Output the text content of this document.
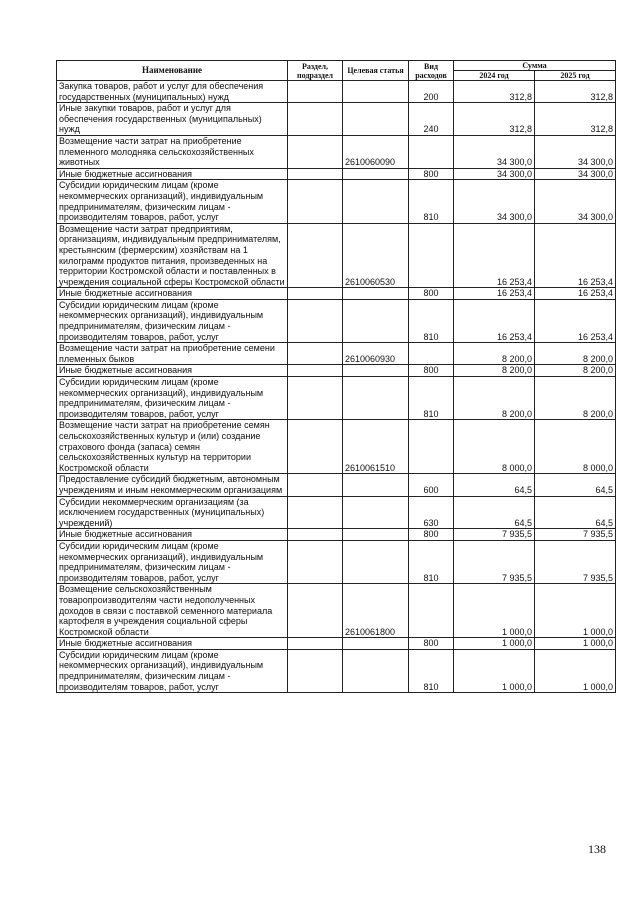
Наименование	Раздел, подраздел	Целевая статья	Вид расходов	Сумма	
				2024 год	2025 год
Закупка товаров, работ и услуг для обеспечения государственных (муниципальных) нужд			200	312,8	312,8
Иные закупки товаров, работ и услуг для обеспечения государственных (муниципальных) нужд			240	312,8	312,8
Возмещение части затрат на приобретение племенного молодняка сельскохозяйственных животных		2610060090		34 300,0	34 300,0
Иные бюджетные ассигнования			800	34 300,0	34 300,0
Субсидии юридическим лицам (кроме некоммерческих организаций), индивидуальным предпринимателям, физическим лицам - производителям товаров, работ, услуг			810	34 300,0	34 300,0
Возмещение части затрат предприятиям, организациям, индивидуальным предпринимателям, крестьянским (фермерским) хозяйствам на 1 килограмм продуктов питания, произведенных на территории Костромской области и поставленных в учреждения социальной сферы Костромской области		2610060530		16 253,4	16 253,4
Иные бюджетные ассигнования			800	16 253,4	16 253,4
Субсидии юридическим лицам (кроме некоммерческих организаций), индивидуальным предпринимателям, физическим лицам - производителям товаров, работ, услуг			810	16 253,4	16 253,4
Возмещение части затрат на приобретение семени племенных быков		2610060930		8 200,0	8 200,0
Иные бюджетные ассигнования			800	8 200,0	8 200,0
Субсидии юридическим лицам (кроме некоммерческих организаций), индивидуальным предпринимателям, физическим лицам - производителям товаров, работ, услуг			810	8 200,0	8 200,0
Возмещение части затрат на приобретение семян сельскохозяйственных культур и (или) создание страхового фонда (запаса) семян сельскохозяйственных культур на территории Костромской области		2610061510		8 000,0	8 000,0
Предоставление субсидий бюджетным, автономным учреждениям и иным некоммерческим организациям			600	64,5	64,5
Субсидии некоммерческим организациям (за исключением государственных (муниципальных) учреждений)			630	64,5	64,5
Иные бюджетные ассигнования			800	7 935,5	7 935,5
Субсидии юридическим лицам (кроме некоммерческих организаций), индивидуальным предпринимателям, физическим лицам - производителям товаров, работ, услуг			810	7 935,5	7 935,5
Возмещение сельскохозяйственным товаропроизводителям части недополученных доходов в связи с поставкой семенного материала картофеля в учреждения социальной сферы Костромской области		2610061800		1 000,0	1 000,0
Иные бюджетные ассигнования			800	1 000,0	1 000,0
Субсидии юридическим лицам (кроме некоммерческих организаций), индивидуальным предпринимателям, физическим лицам - производителям товаров, работ, услуг			810	1 000,0	1 000,0
138
